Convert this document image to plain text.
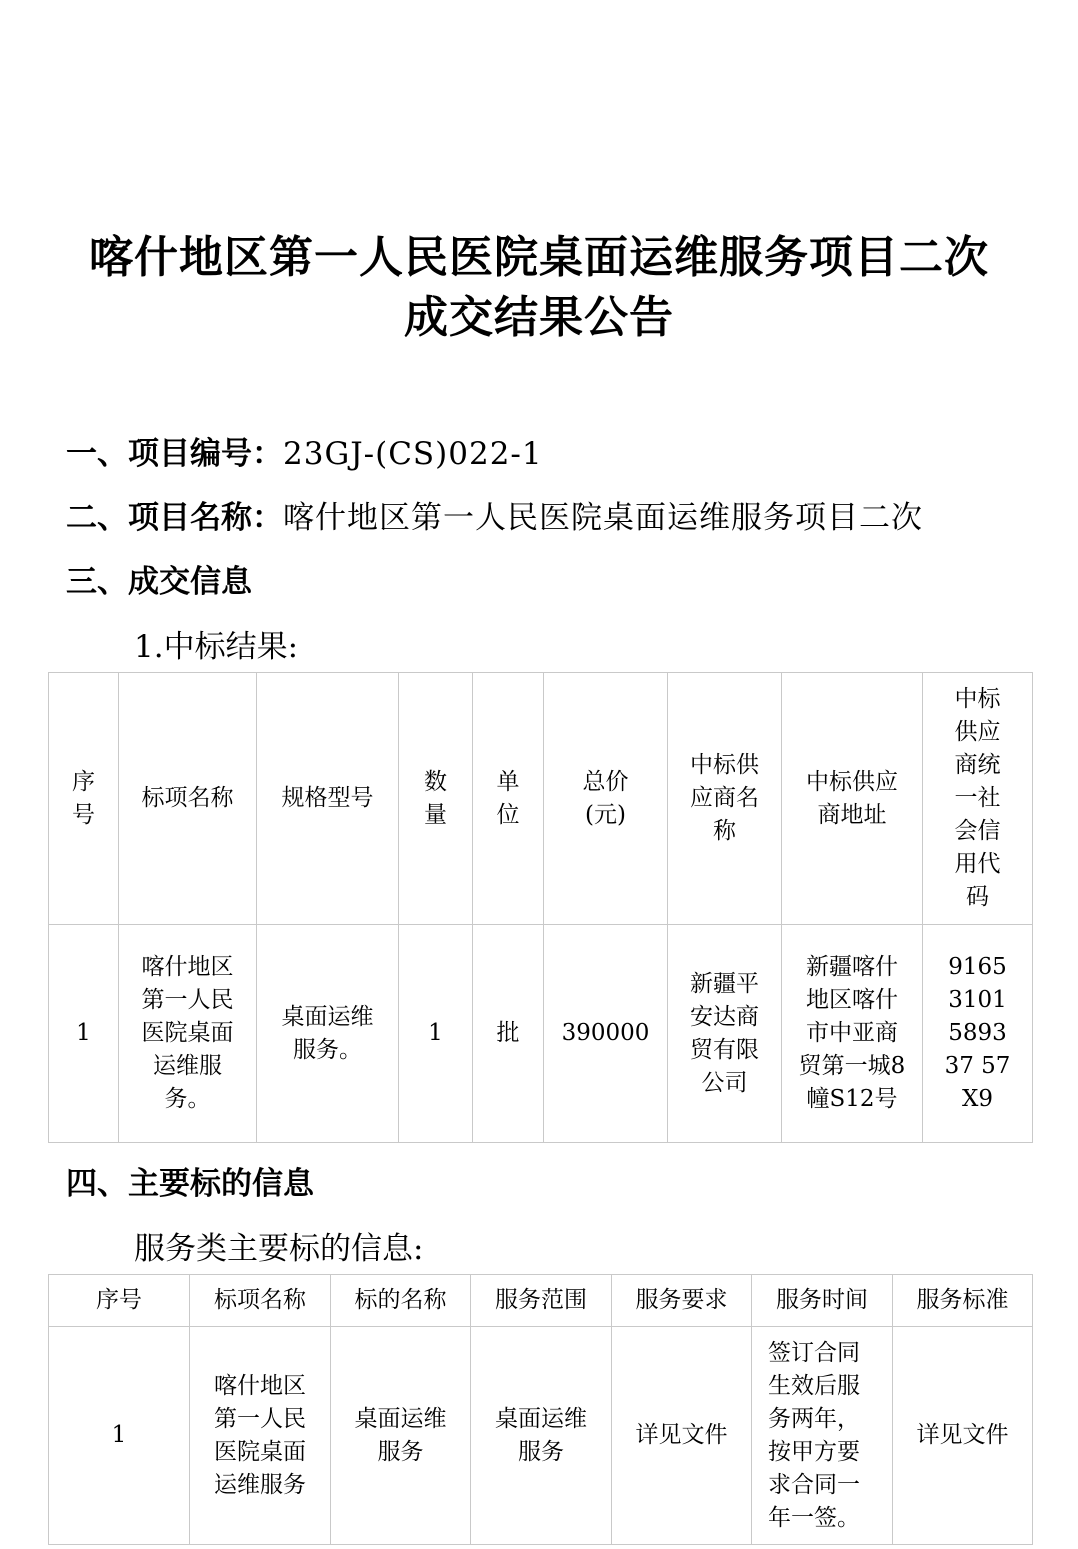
喀什地区第一人民医院桌面运维服务项目二次
成交结果公告
一、项目编号：23GJ-(CS)022-1
二、项目名称：喀什地区第一人民医院桌面运维服务项目二次
三、成交信息
1.中标结果:
序号	标项名称	规格型号	数量	单位	总价(元)	中标供应商名称	中标供应商地址	中标供应商统一社会信用代码
1	喀什地区第一人民医院桌面运维服务。	桌面运维服务。	1	批	390000	新疆平安达商贸有限公司	新疆喀什地区喀什市中亚商贸第一城8幢S12号	91653101589337 57X9
四、主要标的信息
服务类主要标的信息:
序号	标项名称	标的名称	服务范围	服务要求	服务时间	服务标准
1	喀什地区第一人民医院桌面运维服务	桌面运维服务	桌面运维服务	详见文件	签订合同生效后服务两年，按甲方要求合同一年一签。	详见文件
